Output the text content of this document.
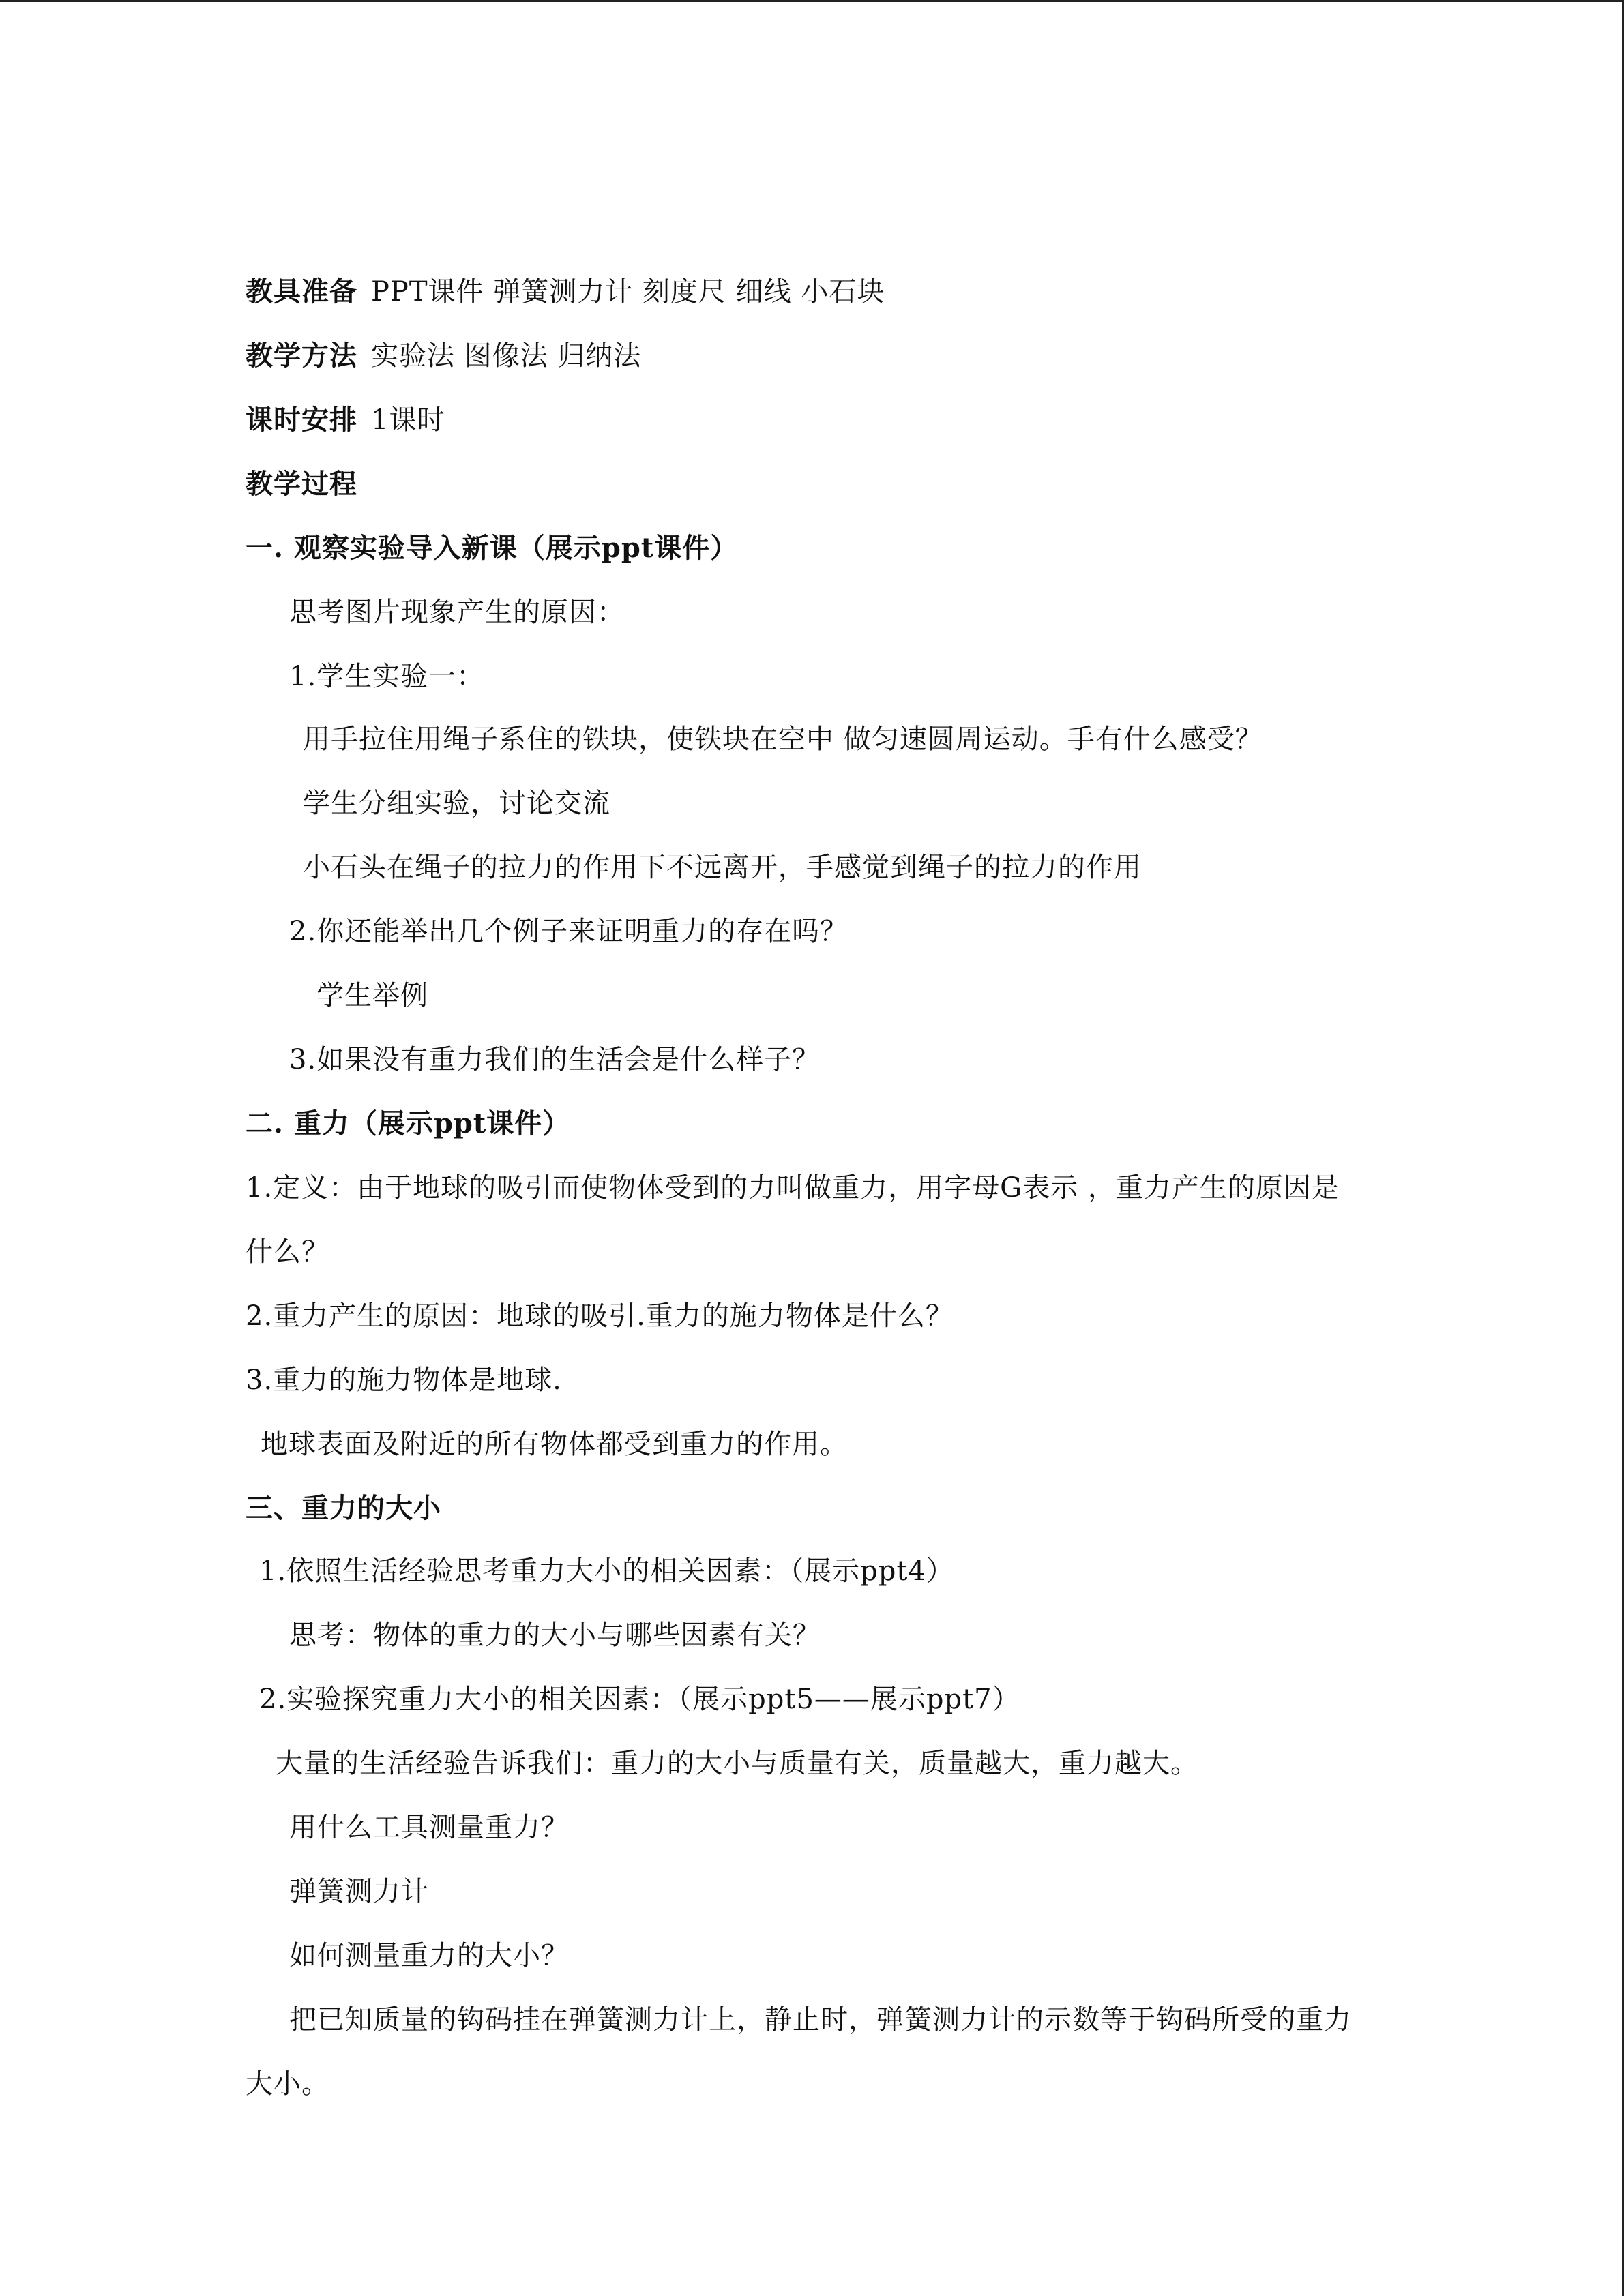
教具准备 PPT课件 弹簧测力计 刻度尺 细线 小石块
教学方法 实验法 图像法 归纳法
课时安排 1课时
教学过程
一. 观察实验导入新课（展示ppt课件）
思考图片现象产生的原因：
1.学生实验一：
用手拉住用绳子系住的铁块，使铁块在空中 做匀速圆周运动。手有什么感受？
学生分组实验，讨论交流
小石头在绳子的拉力的作用下不远离开，手感觉到绳子的拉力的作用
2.你还能举出几个例子来证明重力的存在吗？
学生举例
3.如果没有重力我们的生活会是什么样子？
二. 重力（展示ppt课件）
1.定义：由于地球的吸引而使物体受到的力叫做重力，用字母G表示 ，重力产生的原因是
什么？
2.重力产生的原因：地球的吸引.重力的施力物体是什么？
3.重力的施力物体是地球.
地球表面及附近的所有物体都受到重力的作用。
三、重力的大小
1.依照生活经验思考重力大小的相关因素：（展示ppt4）
思考：物体的重力的大小与哪些因素有关？
2.实验探究重力大小的相关因素：（展示ppt5——展示ppt7）
大量的生活经验告诉我们：重力的大小与质量有关，质量越大，重力越大。
用什么工具测量重力？
弹簧测力计
如何测量重力的大小？
把已知质量的钩码挂在弹簧测力计上，静止时，弹簧测力计的示数等于钩码所受的重力
大小。
